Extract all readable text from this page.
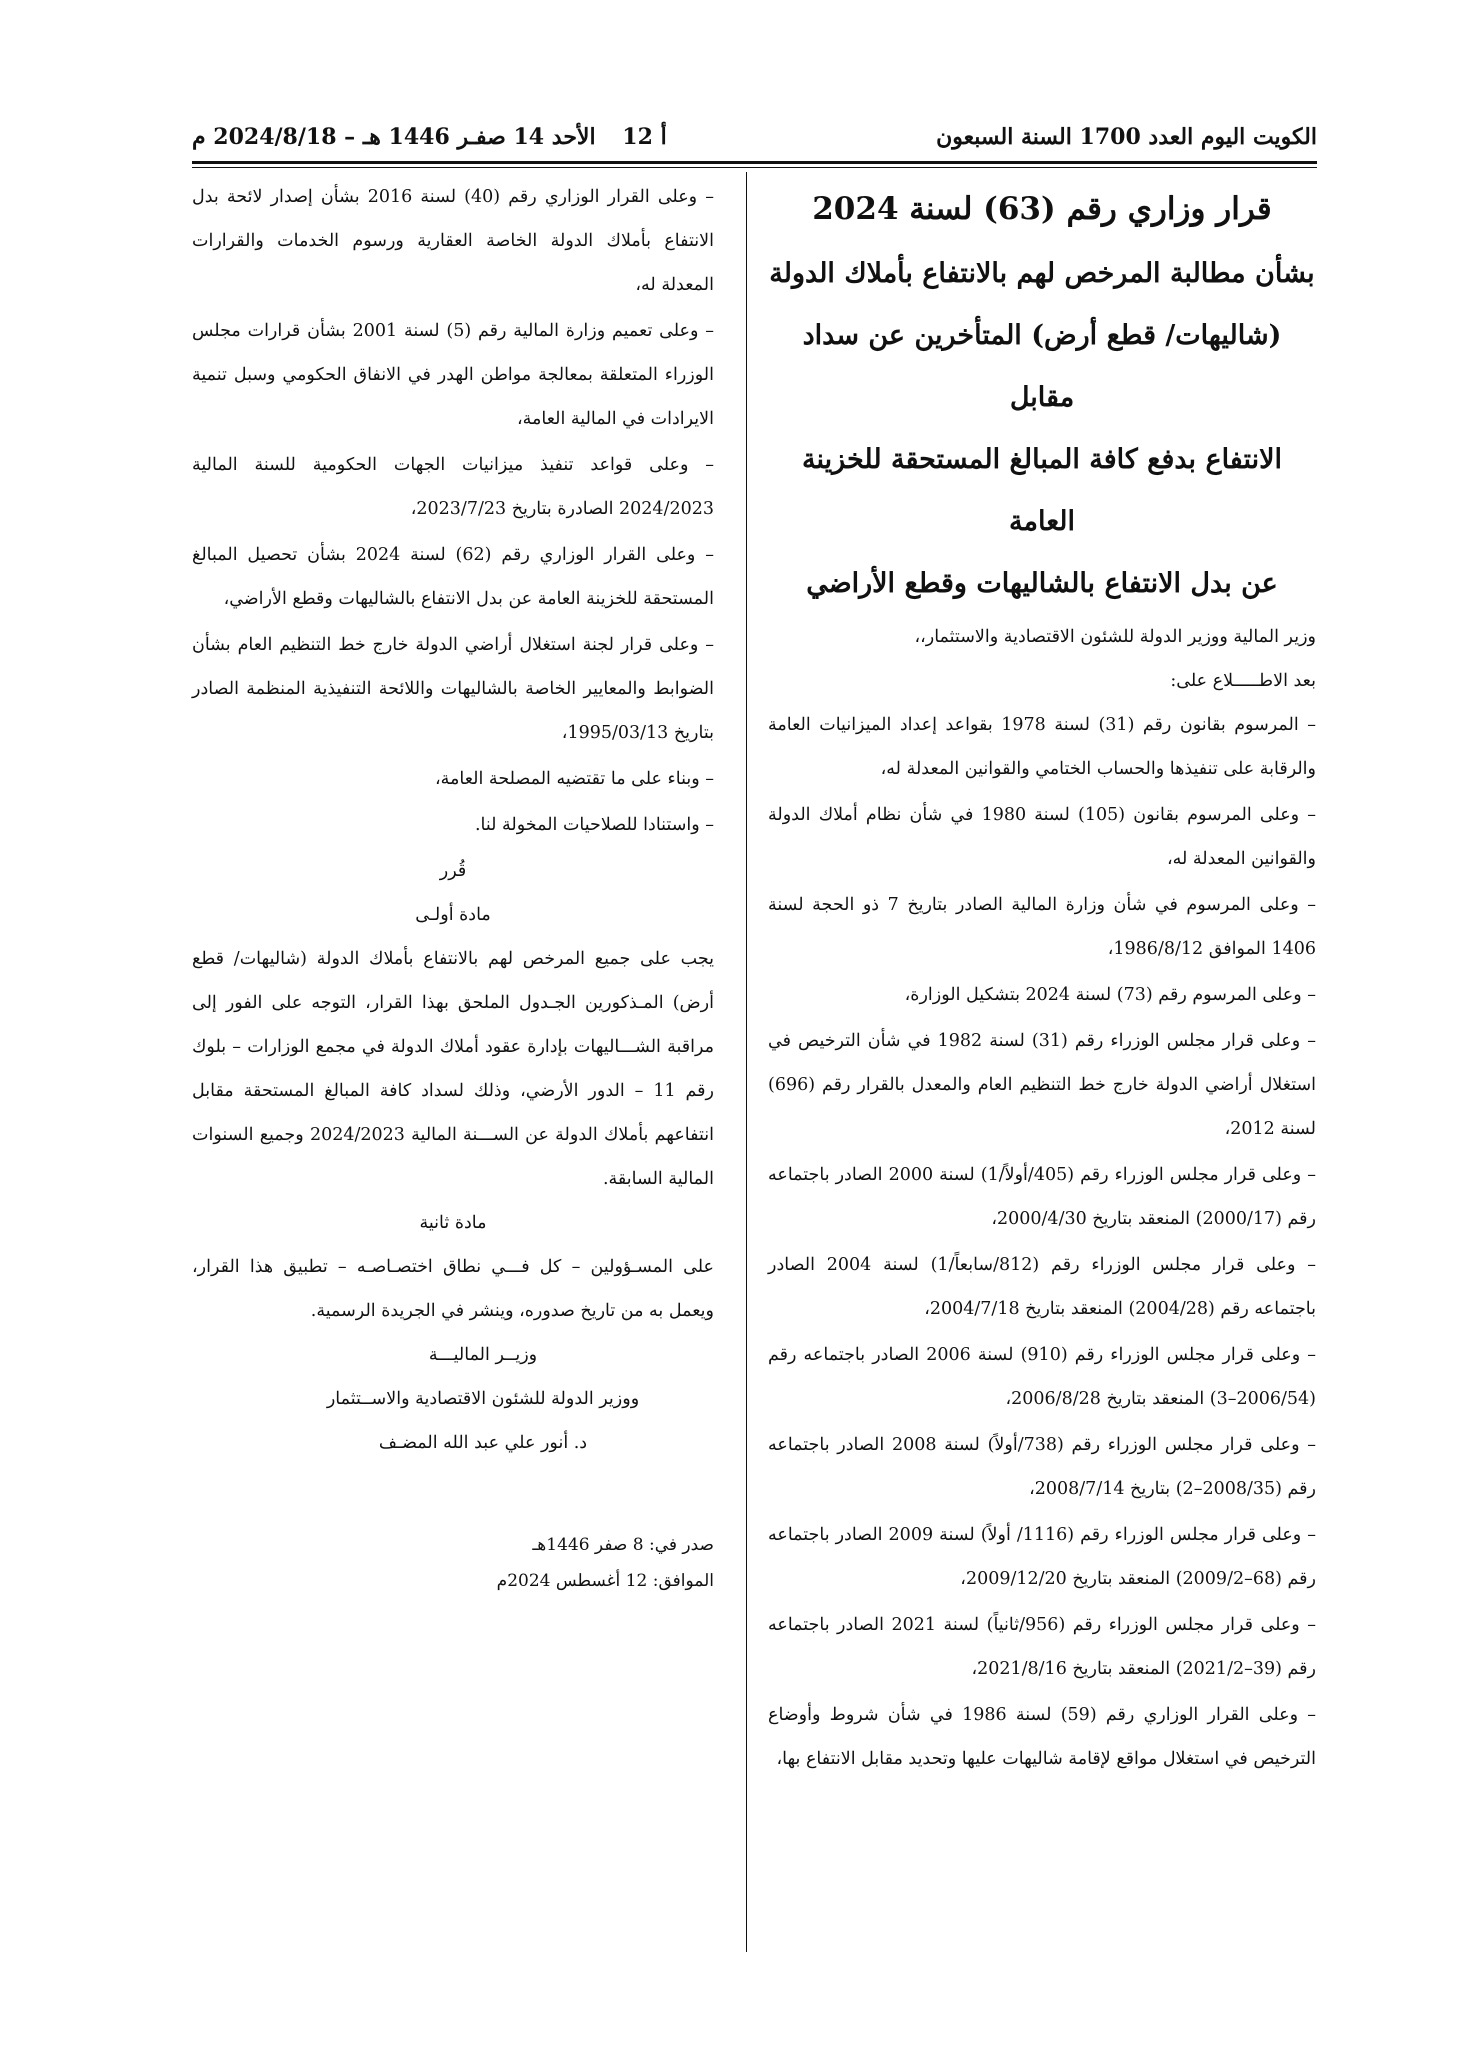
الكويت اليوم العدد 1700 السنة السبعون
أ 12
الأحد 14 صفـر 1446 هـ – 2024/8/18 م
قرار وزاري رقم (63) لسنة 2024
بشأن مطالبة المرخص لهم بالانتفاع بأملاك الدولة
(شاليهات/ قطع أرض) المتأخرين عن سداد مقابل
الانتفاع بدفع كافة المبالغ المستحقة للخزينة العامة
عن بدل الانتفاع بالشاليهات وقطع الأراضي

وزير المالية ووزير الدولة للشئون الاقتصادية والاستثمار،،

بعد الاطـــــلاع على:

– المرسوم بقانون رقم (31) لسنة 1978 بقواعد إعداد الميزانيات العامة والرقابة على تنفيذها والحساب الختامي والقوانين المعدلة له،

– وعلى المرسوم بقانون (105) لسنة 1980 في شأن نظام أملاك الدولة والقوانين المعدلة له،

– وعلى المرسوم في شأن وزارة المالية الصادر بتاريخ 7 ذو الحجة لسنة 1406 الموافق 1986/8/12،

– وعلى المرسوم رقم (73) لسنة 2024 بتشكيل الوزارة،

– وعلى قرار مجلس الوزراء رقم (31) لسنة 1982 في شأن الترخيص في استغلال أراضي الدولة خارج خط التنظيم العام والمعدل بالقرار رقم (696) لسنة 2012،

– وعلى قرار مجلس الوزراء رقم (405/أولاً/1) لسنة 2000 الصادر باجتماعه رقم (2000/17) المنعقد بتاريخ 2000/4/30،

– وعلى قرار مجلس الوزراء رقم (812/سابعاً/1) لسنة 2004 الصادر باجتماعه رقم (2004/28) المنعقد بتاريخ 2004/7/18،

– وعلى قرار مجلس الوزراء رقم (910) لسنة 2006 الصادر باجتماعه رقم (2006/54–3) المنعقد بتاريخ 2006/8/28،

– وعلى قرار مجلس الوزراء رقم (738/أولاً) لسنة 2008 الصادر باجتماعه رقم (2008/35–2) بتاريخ 2008/7/14،

– وعلى قرار مجلس الوزراء رقم (1116/ أولاً) لسنة 2009 الصادر باجتماعه رقم (68–2009/2) المنعقد بتاريخ 2009/12/20،

– وعلى قرار مجلس الوزراء رقم (956/ثانياً) لسنة 2021 الصادر باجتماعه رقم (39–2021/2) المنعقد بتاريخ 2021/8/16،

– وعلى القرار الوزاري رقم (59) لسنة 1986 في شأن شروط وأوضاع الترخيص في استغلال مواقع لإقامة شاليهات عليها وتحديد مقابل الانتفاع بها،

– وعلى القرار الوزاري رقم (40) لسنة 2016 بشأن إصدار لائحة بدل الانتفاع بأملاك الدولة الخاصة العقارية ورسوم الخدمات والقرارات المعدلة له،

– وعلى تعميم وزارة المالية رقم (5) لسنة 2001 بشأن قرارات مجلس الوزراء المتعلقة بمعالجة مواطن الهدر في الانفاق الحكومي وسبل تنمية الايرادات في المالية العامة،

– وعلى قواعد تنفيذ ميزانيات الجهات الحكومية للسنة المالية 2024/2023 الصادرة بتاريخ 2023/7/23،

– وعلى القرار الوزاري رقم (62) لسنة 2024 بشأن تحصيل المبالغ المستحقة للخزينة العامة عن بدل الانتفاع بالشاليهات وقطع الأراضي،

– وعلى قرار لجنة استغلال أراضي الدولة خارج خط التنظيم العام بشأن الضوابط والمعايير الخاصة بالشاليهات واللائحة التنفيذية المنظمة الصادر بتاريخ 1995/03/13،

– وبناء على ما تقتضيه المصلحة العامة،

– واستنادا للصلاحيات المخولة لنا.

قُرر

مادة أولـى

يجب على جميع المرخص لهم بالانتفاع بأملاك الدولة (شاليهات/ قطع أرض) المـذكورين الجـدول الملحق بهذا القرار، التوجه على الفور إلى مراقبة الشـــاليهات بإدارة عقود أملاك الدولة في مجمع الوزارات – بلوك رقم 11 – الدور الأرضي، وذلك لسداد كافة المبالغ المستحقة مقابل انتفاعهم بأملاك الدولة عن الســـنة المالية 2024/2023 وجميع السنوات المالية السابقة.

مادة ثانية

على المسـؤولين – كل فـــي نطاق اختصـاصـه – تطبيق هذا القرار، ويعمل به من تاريخ صدوره، وينشر في الجريدة الرسمية.

وزيــر الماليـــة
ووزير الدولة للشئون الاقتصادية والاســتثمار
د. أنور علي عبد الله المضـف
صدر في: 8 صفر 1446هـ
الموافق: 12 أغسطس 2024م
